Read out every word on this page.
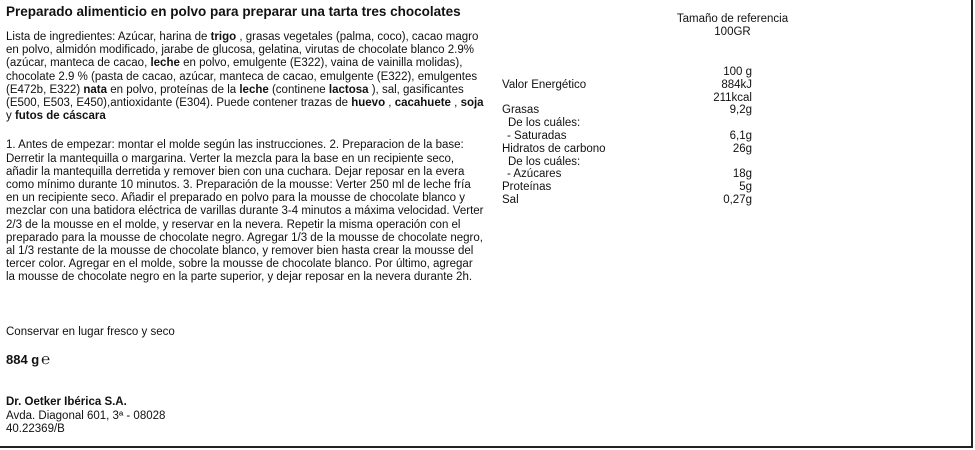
Preparado alimenticio en polvo para preparar una tarta tres chocolates
Lista de ingredientes: Azúcar, harina de trigo , grasas vegetales (palma, coco), cacao magro en polvo, almidón modificado, jarabe de glucosa, gelatina, virutas de chocolate blanco 2.9% (azúcar, manteca de cacao, leche en polvo, emulgente (E322), vaina de vainilla molidas), chocolate 2.9 % (pasta de cacao, azúcar, manteca de cacao, emulgente (E322), emulgentes (E472b, E322) nata en polvo, proteínas de la leche (continene lactosa ), sal, gasificantes (E500, E503, E450),antioxidante (E304). Puede contener trazas de huevo , cacahuete , soja y futos de cáscara
1. Antes de empezar: montar el molde según las instrucciones. 2. Preparacion de la base: Derretir la mantequilla o margarina. Verter la mezcla para la base en un recipiente seco, añadir la mantequilla derretida y remover bien con una cuchara. Dejar reposar en la evera como mínimo durante 10 minutos. 3. Preparación de la mousse: Verter 250 ml de leche fría en un recipiente seco. Añadir el preparado en polvo para la mousse de chocolate blanco y mezclar con una batidora eléctrica de varillas durante 3-4 minutos a máxima velocidad. Verter 2/3 de la mousse en el molde, y reservar en la nevera. Repetir la misma operación con el preparado para la mousse de chocolate negro. Agregar 1/3 de la mousse de chocolate negro, al 1/3 restante de la mousse de chocolate blanco, y remover bien hasta crear la mousse del tercer color. Agregar en el molde, sobre la mousse de chocolate blanco. Por último, agregar la mousse de chocolate negro en la parte superior, y dejar reposar en la nevera durante 2h.
Conservar en lugar fresco y seco
884 g ℮
Dr. Oetker Ibérica S.A.
Avda. Diagonal 601, 3ª - 08028
40.22369/B
Tamaño de referencia
100GR
100 g
Valor Energético	884kJ
211kcal
Grasas	9,2g
De los cuáles:
- Saturadas	6,1g
Hidratos de carbono	26g
De los cuáles:
- Azúcares	18g
Proteínas	5g
Sal	0,27g
